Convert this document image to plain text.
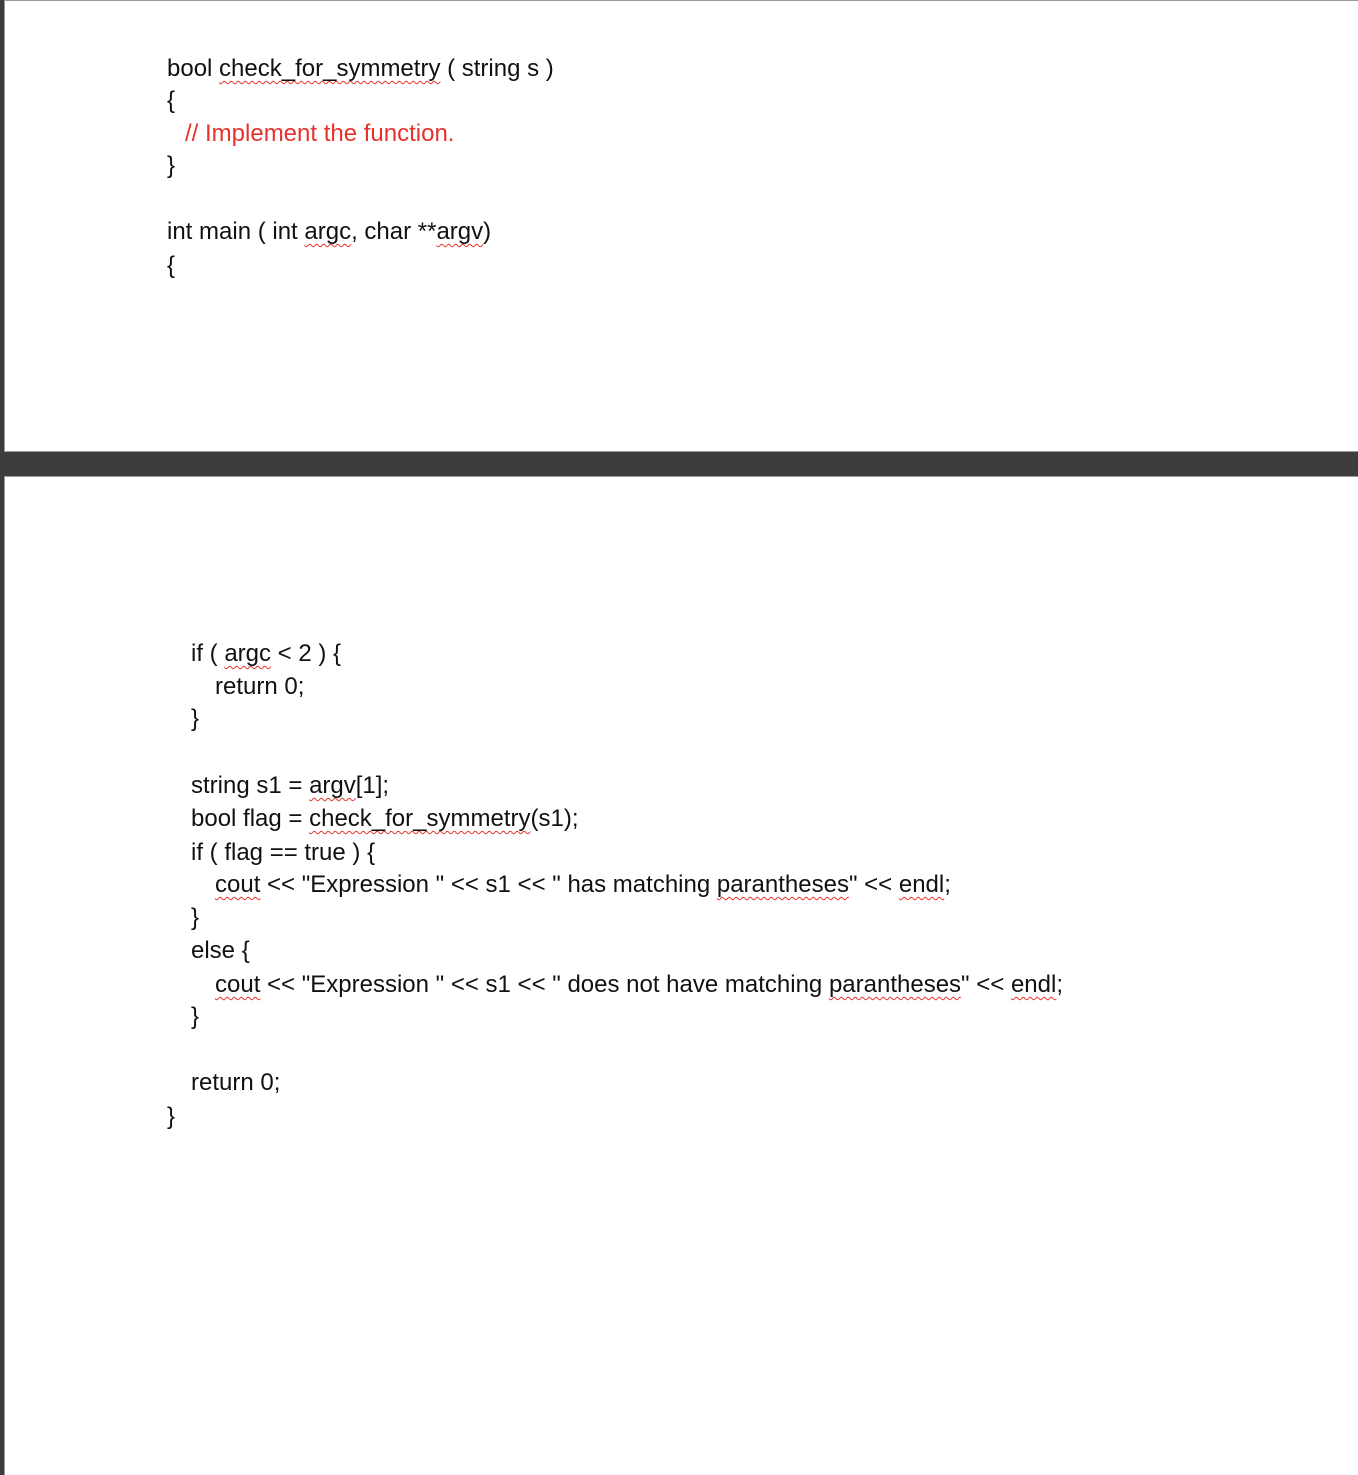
bool check_for_symmetry ( string s )
{
// Implement the function.
}
int main ( int argc, char **argv)
{
if ( argc < 2 ) {
return 0;
}
string s1 = argv[1];
bool flag = check_for_symmetry(s1);
if ( flag == true ) {
cout << "Expression " << s1 << " has matching parantheses" << endl;
}
else {
cout << "Expression " << s1 << " does not have matching parantheses" << endl;
}
return 0;
}
